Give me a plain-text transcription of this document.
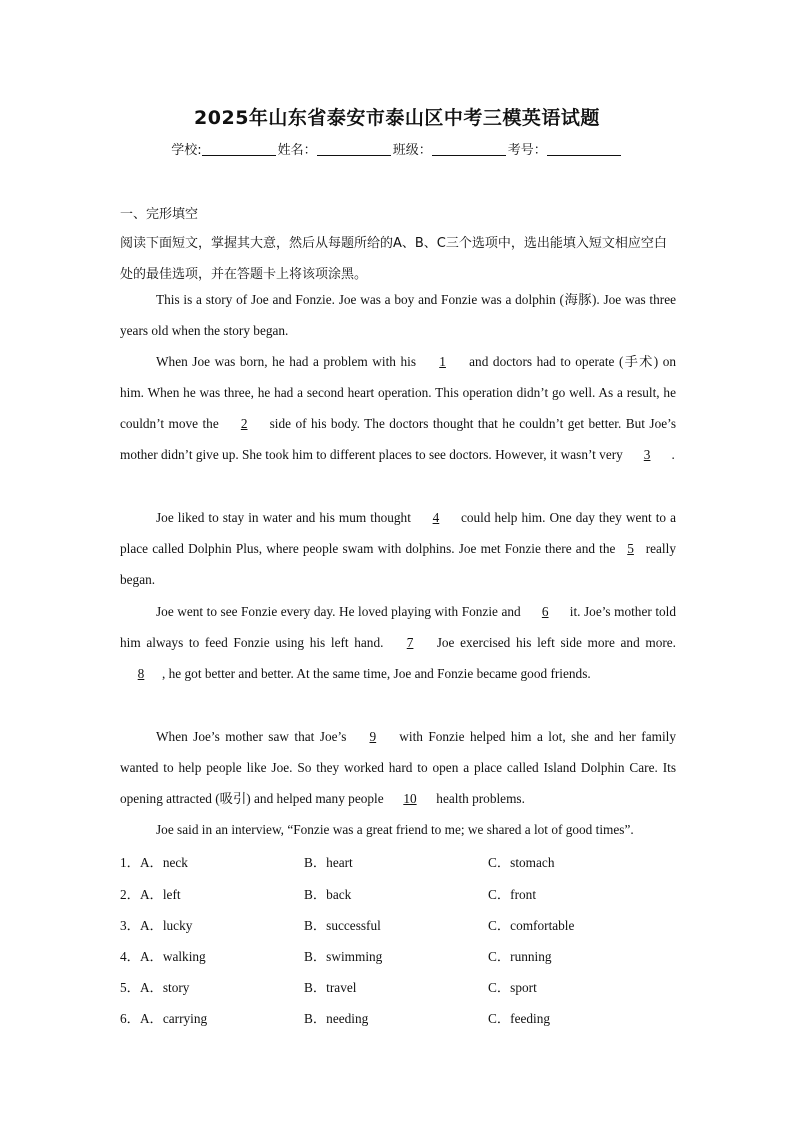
2025年山东省泰安市泰山区中考三模英语试题
学校:	姓名：	班级：	考号：
一、完形填空
阅读下面短文，掌握其大意，然后从每题所给的A、B、C三个选项中，选出能填入短文相应空白处的最佳选项，并在答题卡上将该项涂黑。
This is a story of Joe and Fonzie. Joe was a boy and Fonzie was a dolphin (海豚). Joe was three years old when the story began.
When Joe was born, he had a problem with his 1 and doctors had to operate (手术) on him. When he was three, he had a second heart operation. This operation didn’t go well. As a result, he couldn’t move the 2 side of his body. The doctors thought that he couldn’t get better. But Joe’s mother didn’t give up. She took him to different places to see doctors. However, it wasn’t very 3 .
Joe liked to stay in water and his mum thought 4 could help him. One day they went to a place called Dolphin Plus, where people swam with dolphins. Joe met Fonzie there and the 5 really began.
Joe went to see Fonzie every day. He loved playing with Fonzie and 6 it. Joe’s mother told him always to feed Fonzie using his left hand. 7 Joe exercised his left side more and more. 8 , he got better and better. At the same time, Joe and Fonzie became good friends.
When Joe’s mother saw that Joe’s 9 with Fonzie helped him a lot, she and her family wanted to help people like Joe. So they worked hard to open a place called Island Dolphin Care. Its opening attracted (吸引) and helped many people 10 health problems.
Joe said in an interview, “Fonzie was a great friend to me; we shared a lot of good times”.
1．A．neck	B．heart	C．stomach
2．A．left	B．back	C．front
3．A．lucky	B．successful	C．comfortable
4．A．walking	B．swimming	C．running
5．A．story	B．travel	C．sport
6．A．carrying	B．needing	C．feeding
